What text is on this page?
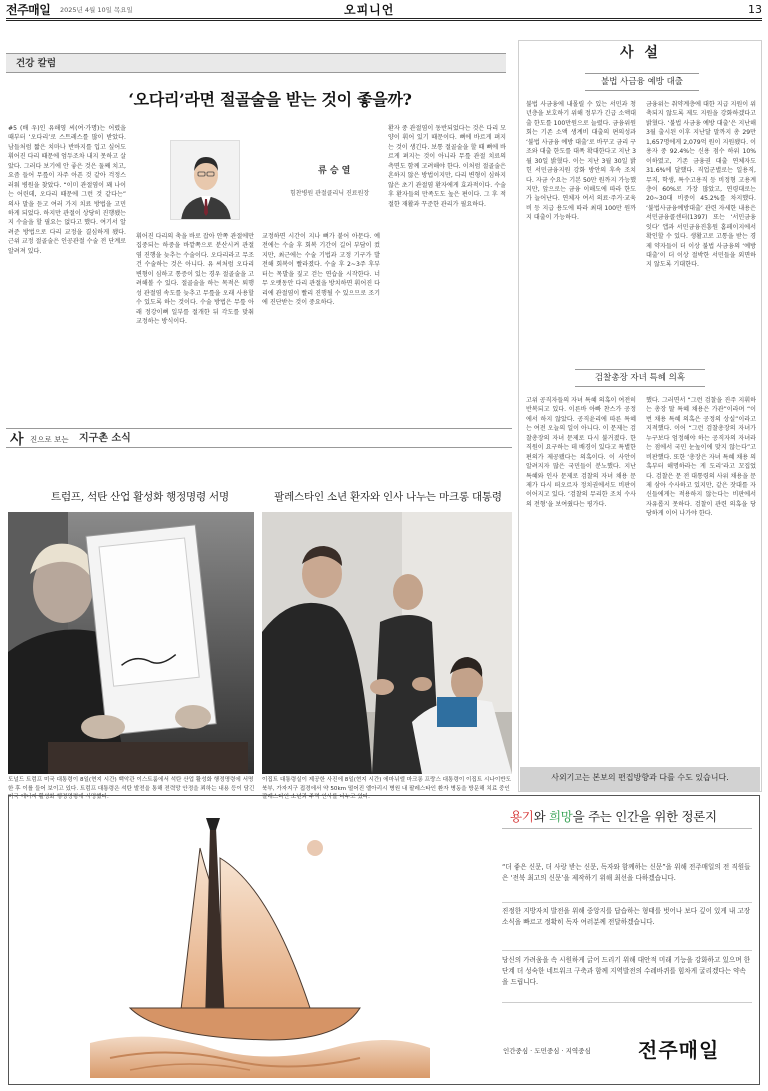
전주매일 2025년 4월 10일 목요일	오피니언	13
건강 칼럼
‘오다리’라면 절골술을 받는 것이 좋을까?
류 승 열
힘찬병원 관절클리닉 진료원장
#5 (배 우)인 유해영 씨(여·가명)는 어렸을 때부터 ‘오다리’로 스트레스를 많이 받았다. 남들처럼 짧은 치마나 반바지를 입고 싶어도 휘어진 다리 때문에 엄두조차 내지 못하고 살았다. 그러다 보기에 안 좋은 것은 둘째 치고, 요즘 들어 무릎이 자주 아픈 것 같아 걱정스러워 병원을 찾았다. “이미 관절염이 꽤 나이는 어린데, 오다리 때문에 그런 것 같다는” 의사 말을 듣고 여러 가지 치료 방법을 고민하게 되었다. 하지만 관절이 상당히 진행됐는지 수술을 할 필요는 없다고 했다. 여기서 알려준 방법으로 다리 교정을 결심하게 됐다. 근위 교정 절골술은 인공관절 수술 전 단계로 알려져 있다.
휘어진 다리의 축을 바로 잡아 안쪽 관절에만 집중되는 하중을 바깥쪽으로 분산시켜 관절염 진행을 늦추는 수술이다. 오다리라고 무조건 수술하는 것은 아니다. 유 씨처럼 오다리 변형이 심하고 통증이 있는 경우 절골술을 고려해볼 수 있다. 절골술을 하는 목적은 퇴행성 관절염 속도를 늦추고 무릎을 오래 사용할 수 있도록 하는 것이다. 수술 방법은 무릎 아래 정강이뼈 일부를 절개한 뒤 각도를 맞춰 교정하는 방식이다.
교정하면 시간이 지나 뼈가 붙어 아문다. 예전에는 수술 후 회복 기간이 길어 부담이 컸지만, 최근에는 수술 기법과 고정 기구가 발전해 회복이 빨라졌다. 수술 후 2~3주 후부터는 목발을 짚고 걷는 연습을 시작한다. 너무 오랫동안 다리 관절을 방치하면 휘어진 다리에 관절염이 빨리 진행될 수 있으므로 조기에 진단받는 것이 중요하다.
환자 중 관절염이 동반되었다는 것은 다리 모양이 휘어 있기 때문이다. 뼈에 바르게 펴지는 것이 생긴다. 보통 절골술을 할 때 뼈에 바르게 펴지는 것이 아니라 무릎 관절 치료의 측면도 함께 고려해야 한다. 이처럼 절골술은 흔하지 않은 방법이지만, 다리 변형이 심하지 않은 초기 관절염 환자에게 효과적이다. 수술 후 환자들의 만족도도 높은 편이다. 그 후 적절한 재활과 꾸준한 관리가 필요하다.
사 설
불법 사금융 예방 대출
불법 사금융에 내몰릴 수 있는 서민과 청년층을 보호하기 위해 정부가 긴급 소액대출 한도를 100만원으로 늘렸다. 금융위원회는 기존 소액 생계비 대출의 편의성과 ‘불법 사금융 예방 대출’로 바꾸고 금리 구조와 대출 한도를 대폭 확대한다고 지난 3월 30일 밝혔다. 이는 지난 3월 30일 밝힌 서민금융지원 강화 방안의 후속 조치다. 자금 수요는 기본 50만 원까지 가능했지만, 앞으로는 금융 이해도에 따라 한도가 늘어난다. 연체자 여서 의료·주거·교육비 등 지급 용도에 따라 최대 100만 원까지 대출이 가능하다.
금융위는 취약계층에 대한 지급 지원이 위축되지 않도록 제도 지원을 강화하겠다고 밝혔다. ‘불법 사금융 예방 대출’은 지난해 3월 출시된 이후 지난달 말까지 총 29만 1,657명에게 2,079억 원이 지원됐다. 이용자 중 92.4%는 신용 점수 하위 10% 이하였고, 기존 금융권 대출 연체자도 31.6%에 달했다. 직업군별로는 일용직, 무직, 학생, 특수고용직 등 비정형 고용계층이 60%로 가장 많았고, 연령대로는 20~30대 비중이 45.2%를 차지했다. ‘불법사금융예방대출’ 관련 자세한 내용은 서민금융콜센터(1397) 또는 ‘서민금융 잇다’ 앱과 서민금융진흥원 홈페이지에서 확인할 수 있다. 생활고로 고통을 받는 경제 약자들이 더 이상 불법 사금융의 ‘예방 대출’이 더 이상 절박한 서민들을 외면하지 않도록 기대한다.
검찰총장 자녀 특혜 의혹
고위 공직자들의 자녀 특혜 의혹이 여전히 반복되고 있다. 이른바 아빠 찬스가 공정에서 하지 않았다. 공직윤리에 따른 특혜는 여전 오늘의 일이 아니다. 이 문제는 검찰총장의 자녀 문제로 다시 불거졌다. 한 직원이 요구하는 데 배경이 있다고 특별한 편의가 제공됐다는 의혹이다. 이 사안이 알려지자 많은 국민들이 분노했다. 지난 특혜와 인사 문제로 검찰의 자녀 채용 문제가 다시 떠오르자 정치권에서도 비판이 이어지고 있다. ‘검찰의 무리한 조치 수사의 전형’을 보여줬다는 평가다.
했다. 그러면서 “그런 검찰을 진주 지휘하는 총장 딸 특혜 채용은 가관”이라며 “이번 채용 특혜 의혹은 공정의 상실”이라고 지적했다. 이어 “그런 검찰총장의 자녀가 누구보다 엄정해야 하는 공직자의 자녀라는 점에서 국민 눈높이에 맞지 않는다”고 비판했다. 또한 ‘총장은 자녀 특혜 채용 의혹부터 해명하라는 게 도리’라고 꼬집었다. 검찰은 문 전 대통령의 사위 채용을 문제 삼아 수사하고 있지만, 같은 잣대를 자신들에게는 적용하지 않는다는 비판에서 자유롭지 못하다. 검찰이 관련 의혹을 당당하게 이어 나가야 한다.
사외기고는 본보의 편집방향과 다를 수도 있습니다.
사 진으로 보는 지구촌 소식
트럼프, 석탄 산업 활성화 행정명령 서명	팔레스타인 소년 환자와 인사 나누는 마크롱 대통령
도널드 트럼프 미국 대통령이 8일(현지 시간) 백악관 이스트룸에서 석탄 산업 활성화 행정명령에 서명한 후 이를 들어 보이고 있다. 트럼프 대통령은 석탄 발전을 통해 전력망 안정을 꾀하는 내용 등이 담긴 미국 에너지 활성화 행정명령에 서명했다.
이집트 대통령실이 제공한 사진에 8일(현지 시간) 에마뉘엘 마크롱 프랑스 대통령이 이집트 시나이반도 북부, 가자지구 접경에서 약 50km 떨어진 엘아리시 병원 내 팔레스타인 환자 병동을 방문해 치료 중인 팔레스타인 소년과 주먹 인사를 나누고 있다.
용기와 희망을 주는 인간을 위한 정론지
“더 좋은 신문, 더 사랑 받는 신문, 독자와 함께하는 신문”을 위해 전주매일의 전 직원들은 ‘전북 최고의 신문’을 제작하기 위해 최선을 다하겠습니다.
진정한 지방자치 발전을 위해 중앙지를 답습하는 형태를 벗어나 보다 깊이 있게 내 고장 소식을 빠르고 정확히 독자 여러분께 전달하겠습니다.
당신의 가려움을 속 시원하게 긁어 드리기 위해 대안적 미래 기능을 강화하고 있으며 한 단계 더 성숙한 네트워크 구축과 함께 지역발전의 수레바퀴를 힘차게 굴리겠다는 약속을 드립니다.
인간중심 · 도민중심 · 지역중심 전주매일
